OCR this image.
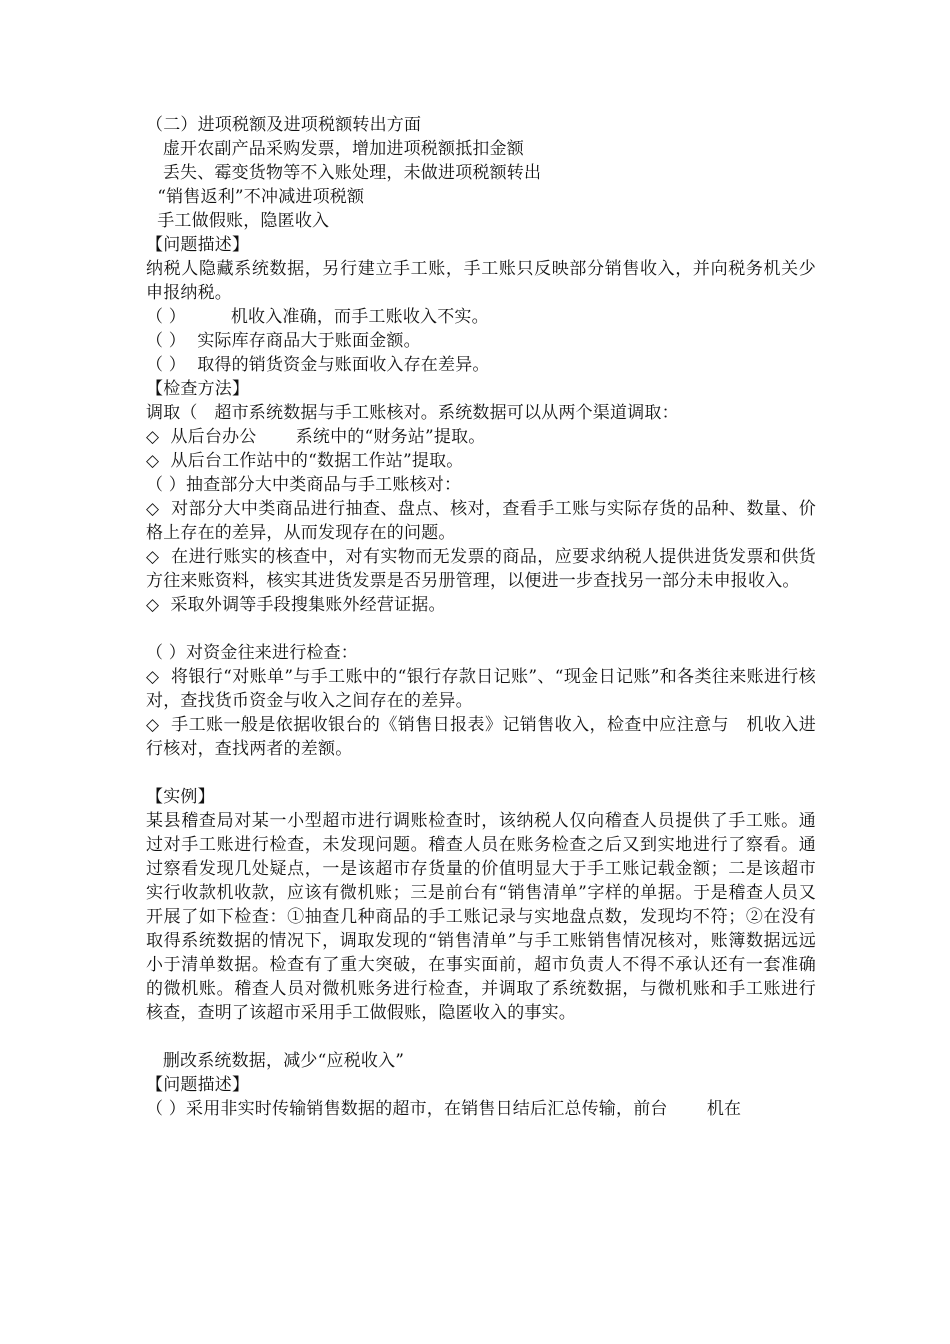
（二）进项税额及进项税额转出方面
虚开农副产品采购发票，增加进项税额抵扣金额
丢失、霉变货物等不入账处理，未做进项税额转出
“销售返利”不冲减进项税额
手工做假账，隐匿收入
【问题描述】
纳税人隐藏系统数据，另行建立手工账，手工账只反映部分销售收入，并向税务机关少申报纳税。
（ ）        机收入准确，而手工账收入不实。
（ ）  实际库存商品大于账面金额。
（ ）  取得的销货资金与账面收入存在差异。
【检查方法】
调取（   超市系统数据与手工账核对。系统数据可以从两个渠道调取：
◇  从后台办公       系统中的“财务站”提取。
◇  从后台工作站中的“数据工作站”提取。
（ ）抽查部分大中类商品与手工账核对：
◇  对部分大中类商品进行抽查、盘点、核对，查看手工账与实际存货的品种、数量、价格上存在的差异，从而发现存在的问题。
◇  在进行账实的核查中，对有实物而无发票的商品，应要求纳税人提供进货发票和供货方往来账资料，核实其进货发票是否另册管理，以便进一步查找另一部分未申报收入。
◇  采取外调等手段搜集账外经营证据。
（ ）对资金往来进行检查：
◇  将银行“对账单”与手工账中的“银行存款日记账”、“现金日记账”和各类往来账进行核对，查找货币资金与收入之间存在的差异。
◇  手工账一般是依据收银台的《销售日报表》记销售收入，检查中应注意与   机收入进行核对，查找两者的差额。
【实例】
某县稽查局对某一小型超市进行调账检查时，该纳税人仅向稽查人员提供了手工账。通过对手工账进行检查，未发现问题。稽查人员在账务检查之后又到实地进行了察看。通过察看发现几处疑点，一是该超市存货量的价值明显大于手工账记载金额；二是该超市实行收款机收款，应该有微机账；三是前台有“销售清单”字样的单据。于是稽查人员又开展了如下检查：①抽查几种商品的手工账记录与实地盘点数，发现均不符；②在没有取得系统数据的情况下，调取发现的“销售清单”与手工账销售情况核对，账簿数据远远小于清单数据。检查有了重大突破，在事实面前，超市负责人不得不承认还有一套准确的微机账。稽查人员对微机账务进行检查，并调取了系统数据，与微机账和手工账进行核查，查明了该超市采用手工做假账，隐匿收入的事实。
删改系统数据，减少“应税收入”
【问题描述】
（ ）采用非实时传输销售数据的超市，在销售日结后汇总传输，前台       机在
